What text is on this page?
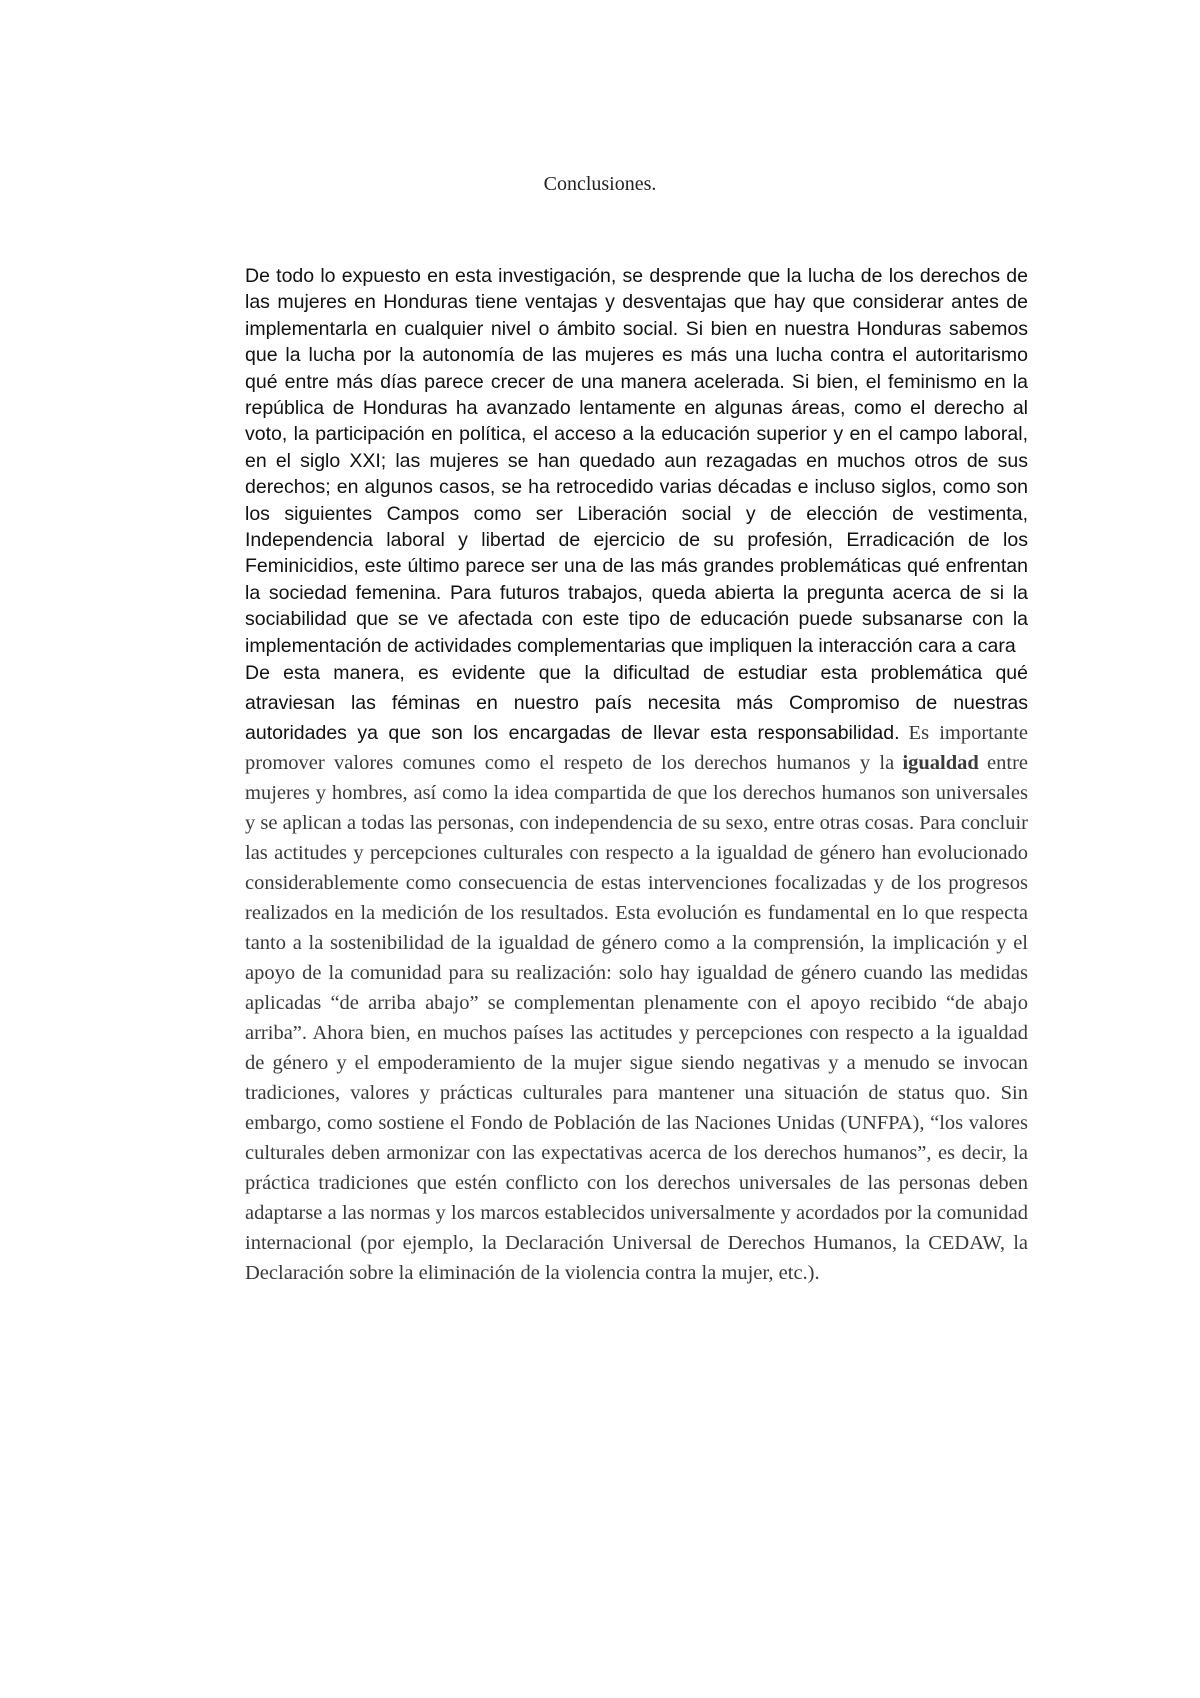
Conclusiones.

De todo lo expuesto en esta investigación, se desprende que la lucha de los derechos de las mujeres en Honduras tiene ventajas y desventajas que hay que considerar antes de implementarla en cualquier nivel o ámbito social. Si bien en nuestra Honduras sabemos que la lucha por la autonomía de las mujeres es más una lucha contra el autoritarismo qué entre más días parece crecer de una manera acelerada. Si bien, el feminismo en la república de Honduras ha avanzado lentamente en algunas áreas, como el derecho al voto, la participación en política, el acceso a la educación superior y en el campo laboral, en el siglo XXI; las mujeres se han quedado aun rezagadas en muchos otros de sus derechos; en algunos casos, se ha retrocedido varias décadas e incluso siglos, como son los siguientes Campos como ser Liberación social y de elección de vestimenta, Independencia laboral y libertad de ejercicio de su profesión, Erradicación de los Feminicidios, este último parece ser una de las más grandes problemáticas qué enfrentan la sociedad femenina. Para futuros trabajos, queda abierta la pregunta acerca de si la sociabilidad que se ve afectada con este tipo de educación puede subsanarse con la implementación de actividades complementarias que impliquen la interacción cara a cara

De esta manera, es evidente que la dificultad de estudiar esta problemática qué atraviesan las féminas en nuestro país necesita más Compromiso de nuestras autoridades ya que son los encargadas de llevar esta responsabilidad. Es importante promover valores comunes como el respeto de los derechos humanos y la igualdad entre mujeres y hombres, así como la idea compartida de que los derechos humanos son universales y se aplican a todas las personas, con independencia de su sexo, entre otras cosas. Para concluir las actitudes y percepciones culturales con respecto a la igualdad de género han evolucionado considerablemente como consecuencia de estas intervenciones focalizadas y de los progresos realizados en la medición de los resultados. Esta evolución es fundamental en lo que respecta tanto a la sostenibilidad de la igualdad de género como a la comprensión, la implicación y el apoyo de la comunidad para su realización: solo hay igualdad de género cuando las medidas aplicadas “de arriba abajo” se complementan plenamente con el apoyo recibido “de abajo arriba”. Ahora bien, en muchos países las actitudes y percepciones con respecto a la igualdad de género y el empoderamiento de la mujer sigue siendo negativas y a menudo se invocan tradiciones, valores y prácticas culturales para mantener una situación de status quo. Sin embargo, como sostiene el Fondo de Población de las Naciones Unidas (UNFPA), “los valores culturales deben armonizar con las expectativas acerca de los derechos humanos”, es decir, la práctica tradiciones que estén conflicto con los derechos universales de las personas deben adaptarse a las normas y los marcos establecidos universalmente y acordados por la comunidad internacional (por ejemplo, la Declaración Universal de Derechos Humanos, la CEDAW, la Declaración sobre la eliminación de la violencia contra la mujer, etc.).
